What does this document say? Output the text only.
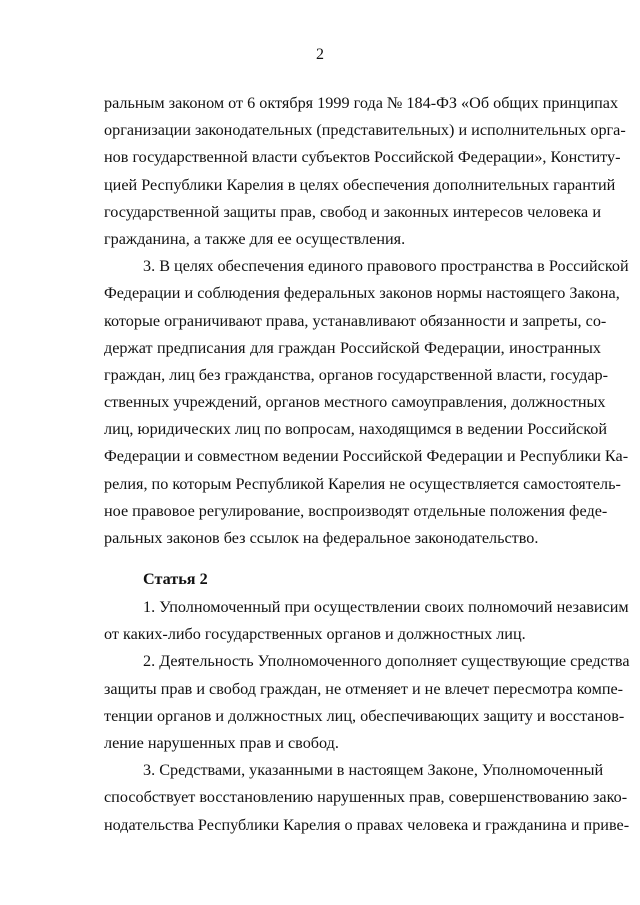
2
ральным законом от 6 октября 1999 года № 184-ФЗ «Об общих принципах
организации законодательных (представительных) и исполнительных орга-
нов государственной власти субъектов Российской Федерации», Конститу-
цией Республики Карелия в целях обеспечения дополнительных гарантий
государственной защиты прав, свобод и законных интересов человека и
гражданина, а также для ее осуществления.
3. В целях обеспечения единого правового пространства в Российской
Федерации и соблюдения федеральных законов нормы настоящего Закона,
которые ограничивают права, устанавливают обязанности и запреты, со-
держат предписания для граждан Российской Федерации, иностранных
граждан, лиц без гражданства, органов государственной власти, государ-
ственных учреждений, органов местного самоуправления, должностных
лиц, юридических лиц по вопросам, находящимся в ведении Российской
Федерации и совместном ведении Российской Федерации и Республики Ка-
релия, по которым Республикой Карелия не осуществляется самостоятель-
ное правовое регулирование, воспроизводят отдельные положения феде-
ральных законов без ссылок на федеральное законодательство.
Статья 2
1. Уполномоченный при осуществлении своих полномочий независим
от каких-либо государственных органов и должностных лиц.
2. Деятельность Уполномоченного дополняет существующие средства
защиты прав и свобод граждан, не отменяет и не влечет пересмотра компе-
тенции органов и должностных лиц, обеспечивающих защиту и восстанов-
ление нарушенных прав и свобод.
3. Средствами, указанными в настоящем Законе, Уполномоченный
способствует восстановлению нарушенных прав, совершенствованию зако-
нодательства Республики Карелия о правах человека и гражданина и приве-
